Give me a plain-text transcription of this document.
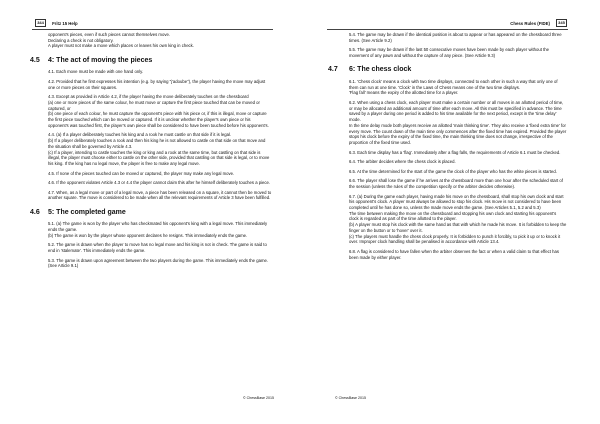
344 Fritz 15 Help
opponent's pieces, even if such pieces cannot themselves move.
Declaring a check is not obligatory.
A player must not make a move which places or leaves his own king in check.
4.5 4: The act of moving the pieces
4.1. Each move must be made with one hand only.
4.2. Provided that he first expresses his intention (e.g. by saying "j'adoube"), the player having the move may adjust one or more pieces on their squares.
4.3. Except as provided in Article 4.2, if the player having the move deliberately touches on the chessboard
(a) one or more pieces of the same colour, he must move or capture the first piece touched that can be moved or captured, or
(b) one piece of each colour, he must capture the opponent's piece with his piece or, if this is illegal, move or capture the first piece touched which can be moved or captured. If it is unclear whether the player's own piece or his opponent's was touched first, the player's own piece shall be considered to have been touched before his opponent's.
4.4. (a) If a player deliberately touches his king and a rook he must castle on that side if it is legal.
(b) If a player deliberately touches a rook and then his king he is not allowed to castle on that side on that move and the situation shall be governed by Article 4.3.
(c) If a player, intending to castle touches the king or king and a rook at the same time, but castling on that side is illegal, the player must choose either to castle on the other side, provided that castling on that side is legal, or to move his king. If the king has no legal move, the player is free to make any legal move.
4.5. If none of the pieces touched can be moved or captured, the player may make any legal move.
4.6. If the opponent violates Article 4.3 or 4.4 the player cannot claim this after he himself deliberately touches a piece.
4.7. When, as a legal move or part of a legal move, a piece has been released on a square, it cannot then be moved to another square. The move is considered to be made when all the relevant requirements of Article 3 have been fulfilled.
4.6 5: The completed game
5.1. (a) The game is won by the player who has checkmated his opponent's king with a legal move. This immediately ends the game.
(b) The game is won by the player whose opponent declares he resigns. This immediately ends the game.
5.2. The game is drawn when the player to move has no legal move and his king is not in check. The game is said to end in 'stalemate'. This immediately ends the game.
5.3. The game is drawn upon agreement between the two players during the game. This immediately ends the game. (See Article 9.1)
© ChessBase 2015
Chess Rules (FIDE) 345
5.4. The game may be drawn if the identical position is about to appear or has appeared on the chessboard three times. (See Article 9.2)
5.5. The game may be drawn if the last 50 consecutive moves have been made by each player without the movement of any pawn and without the capture of any piece. (See Article 9.3)
4.7 6: The chess clock
6.1. 'Chess clock' means a clock with two time displays, connected to each other in such a way that only one of them can run at one time. 'Clock' in the Laws of Chess means one of the two time displays.
'Flag fall' means the expiry of the allotted time for a player.
6.2. When using a chess clock, each player must make a certain number or all moves in an allotted period of time, or may be allocated an additional amount of time after each move. All this must be specified in advance. The time saved by a player during one period is added to his time available for the next period, except in the 'time delay' mode.
In the time delay mode both players receive an allotted 'main thinking time'. They also receive a 'fixed extra time' for every move. The count down of the main time only commences after the fixed time has expired. Provided the player stops his clock before the expiry of the fixed time, the main thinking time does not change, irrespective of the proportion of the fixed time used.
6.3. Each time display has a 'flag'. Immediately after a flag falls, the requirements of Article 6.1 must be checked.
6.4. The arbiter decides where the chess clock is placed.
6.5. At the time determined for the start of the game the clock of the player who has the white pieces is started.
6.6. The player shall lose the game if he arrives at the chessboard more than one hour after the scheduled start of the session (unless the rules of the competition specify or the arbiter decides otherwise).
6.7. (a) During the game each player, having made his move on the chessboard, shall stop his own clock and start his opponent's clock. A player must always be allowed to stop his clock. His move is not considered to have been completed until he has done so, unless the made move ends the game. (See Articles 5.1, 5.2 and 5.3)
The time between making the move on the chessboard and stopping his own clock and starting his opponent's clock is regarded as part of the time allotted to the player.
(b) A player must stop his clock with the same hand as that with which he made his move. It is forbidden to keep the finger on the button or to 'hover' over it.
(c) The players must handle the chess clock properly. It is forbidden to punch it forcibly, to pick it up or to knock it over. Improper clock handling shall be penalised in accordance with Article 13.4.
6.8. A flag is considered to have fallen when the arbiter observes the fact or when a valid claim to that effect has been made by either player.
© ChessBase 2015
